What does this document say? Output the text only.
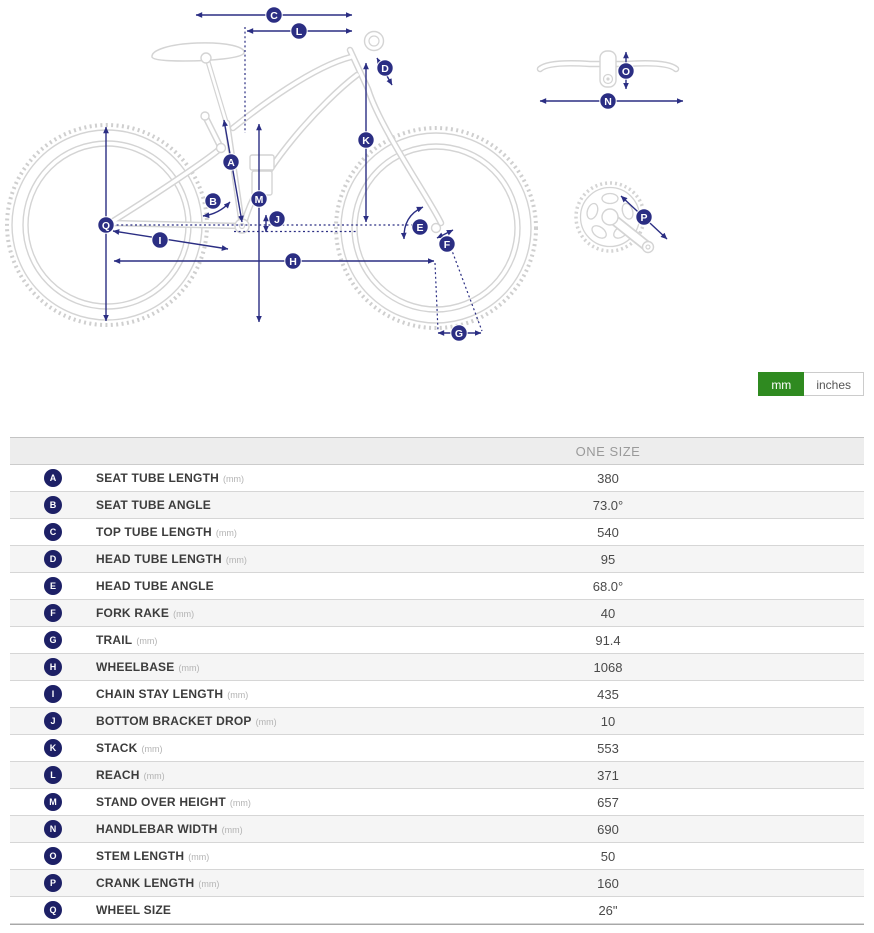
C
L
D
K
A
B	M
J
Q
I
H
E
F
G
O
N
P
mm	inches
ONE SIZE
A	SEAT TUBE LENGTH (mm)	380
B	SEAT TUBE ANGLE	73.0°
C	TOP TUBE LENGTH (mm)	540
D	HEAD TUBE LENGTH (mm)	95
E	HEAD TUBE ANGLE	68.0°
F	FORK RAKE (mm)	40
G	TRAIL (mm)	91.4
H	WHEELBASE (mm)	1068
I	CHAIN STAY LENGTH (mm)	435
J	BOTTOM BRACKET DROP (mm)	10
K	STACK (mm)	553
L	REACH (mm)	371
M	STAND OVER HEIGHT (mm)	657
N	HANDLEBAR WIDTH (mm)	690
O	STEM LENGTH (mm)	50
P	CRANK LENGTH (mm)	160
Q	WHEEL SIZE	26"
